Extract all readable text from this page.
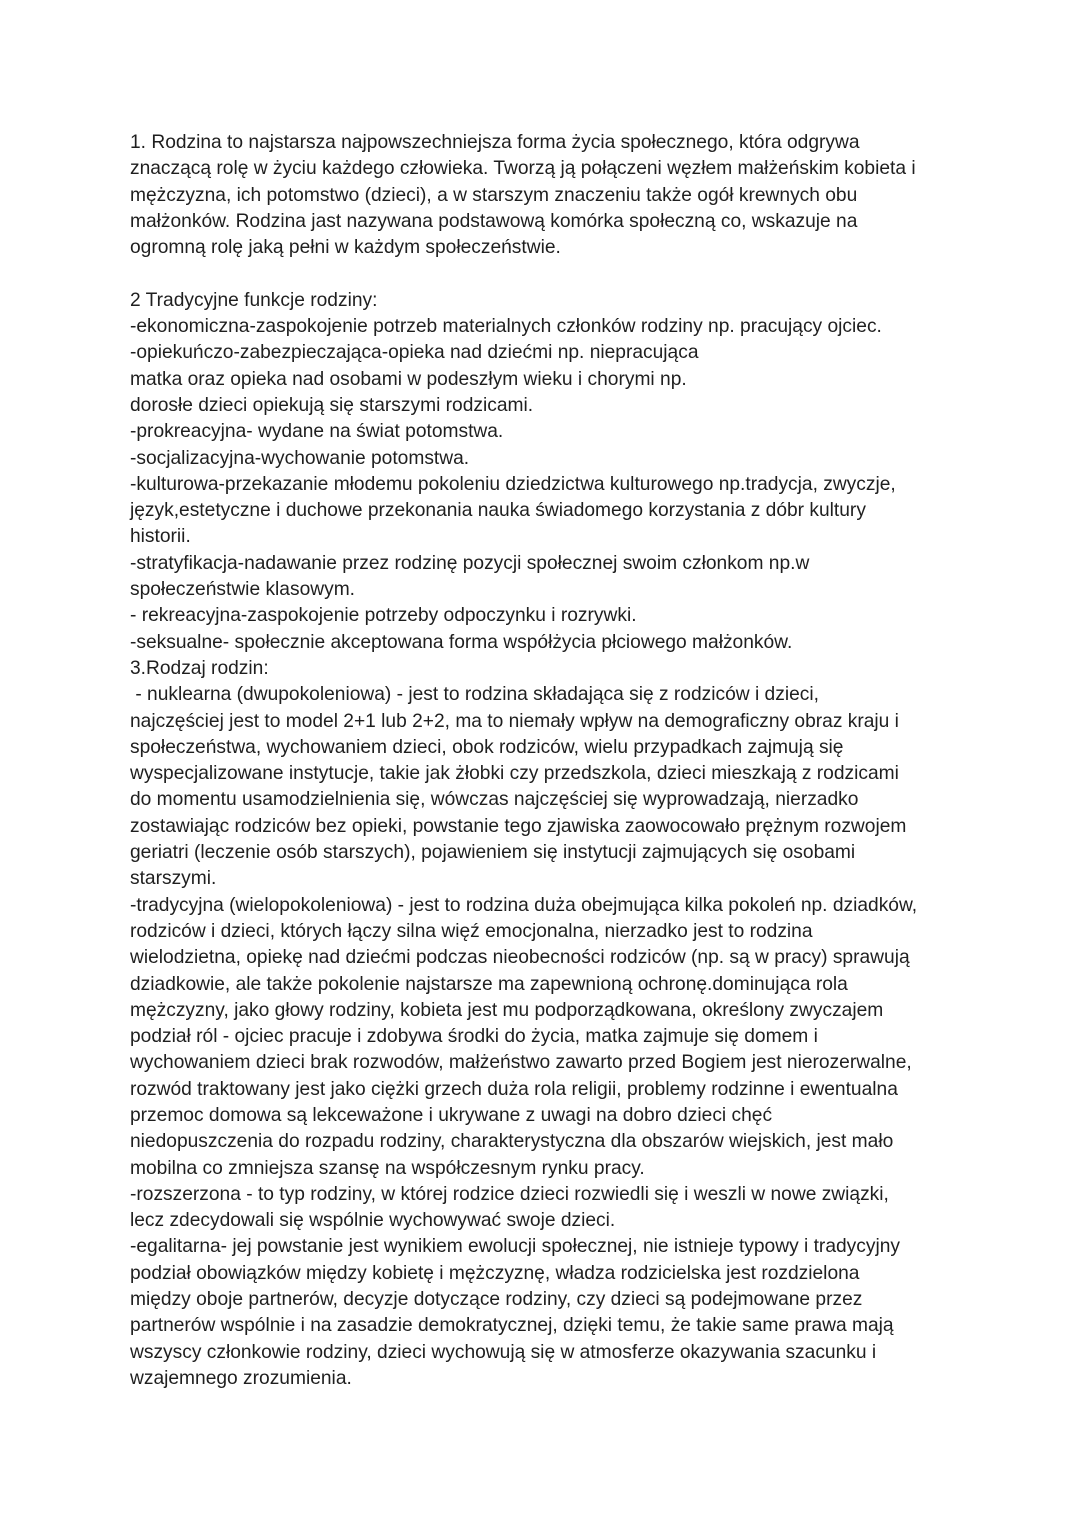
1. Rodzina to najstarsza najpowszechniejsza forma życia społecznego, która odgrywa
znaczącą rolę w życiu każdego człowieka. Tworzą ją połączeni węzłem małżeńskim kobieta i
mężczyzna, ich potomstwo (dzieci), a w starszym znaczeniu także ogół krewnych obu
małżonków. Rodzina jast nazywana podstawową komórka społeczną co, wskazuje na
ogromną rolę jaką pełni w każdym społeczeństwie.
2 Tradycyjne funkcje rodziny:
-ekonomiczna-zaspokojenie potrzeb materialnych członków rodziny np. pracujący ojciec.
-opiekuńczo-zabezpieczająca-opieka nad dziećmi np. niepracująca
matka oraz opieka nad osobami w podeszłym wieku i chorymi np.
dorosłe dzieci opiekują się starszymi rodzicami.
-prokreacyjna- wydane na świat potomstwa.
-socjalizacyjna-wychowanie potomstwa.
-kulturowa-przekazanie młodemu pokoleniu dziedzictwa kulturowego np.tradycja, zwyczje,
język,estetyczne i duchowe przekonania nauka świadomego korzystania z dóbr kultury
historii.
-stratyfikacja-nadawanie przez rodzinę pozycji społecznej swoim członkom np.w
społeczeństwie klasowym.
- rekreacyjna-zaspokojenie potrzeby odpoczynku i rozrywki.
-seksualne- społecznie akceptowana forma współżycia płciowego małżonków.
3.Rodzaj rodzin:
- nuklearna (dwupokoleniowa) - jest to rodzina składająca się z rodziców i dzieci,
najczęściej jest to model 2+1 lub 2+2, ma to niemały wpływ na demograficzny obraz kraju i
społeczeństwa, wychowaniem dzieci, obok rodziców, wielu przypadkach zajmują się
wyspecjalizowane instytucje, takie jak żłobki czy przedszkola, dzieci mieszkają z rodzicami
do momentu usamodzielnienia się, wówczas najczęściej się wyprowadzają, nierzadko
zostawiając rodziców bez opieki, powstanie tego zjawiska zaowocowało prężnym rozwojem
geriatri (leczenie osób starszych), pojawieniem się instytucji zajmujących się osobami
starszymi.
-tradycyjna (wielopokoleniowa) - jest to rodzina duża obejmująca kilka pokoleń np. dziadków,
rodziców i dzieci, których łączy silna więź emocjonalna, nierzadko jest to rodzina
wielodzietna, opiekę nad dziećmi podczas nieobecności rodziców (np. są w pracy) sprawują
dziadkowie, ale także pokolenie najstarsze ma zapewnioną ochronę.dominująca rola
mężczyzny, jako głowy rodziny, kobieta jest mu podporządkowana, określony zwyczajem
podział ról - ojciec pracuje i zdobywa środki do życia, matka zajmuje się domem i
wychowaniem dzieci brak rozwodów, małżeństwo zawarto przed Bogiem jest nierozerwalne,
rozwód traktowany jest jako ciężki grzech duża rola religii, problemy rodzinne i ewentualna
przemoc domowa są lekceważone i ukrywane z uwagi na dobro dzieci chęć
niedopuszczenia do rozpadu rodziny, charakterystyczna dla obszarów wiejskich, jest mało
mobilna co zmniejsza szansę na współczesnym rynku pracy.
-rozszerzona - to typ rodziny, w której rodzice dzieci rozwiedli się i weszli w nowe związki,
lecz zdecydowali się wspólnie wychowywać swoje dzieci.
-egalitarna- jej powstanie jest wynikiem ewolucji społecznej, nie istnieje typowy i tradycyjny
podział obowiązków między kobietę i mężczyznę, władza rodzicielska jest rozdzielona
między oboje partnerów, decyzje dotyczące rodziny, czy dzieci są podejmowane przez
partnerów wspólnie i na zasadzie demokratycznej, dzięki temu, że takie same prawa mają
wszyscy członkowie rodziny, dzieci wychowują się w atmosferze okazywania szacunku i
wzajemnego zrozumienia.
